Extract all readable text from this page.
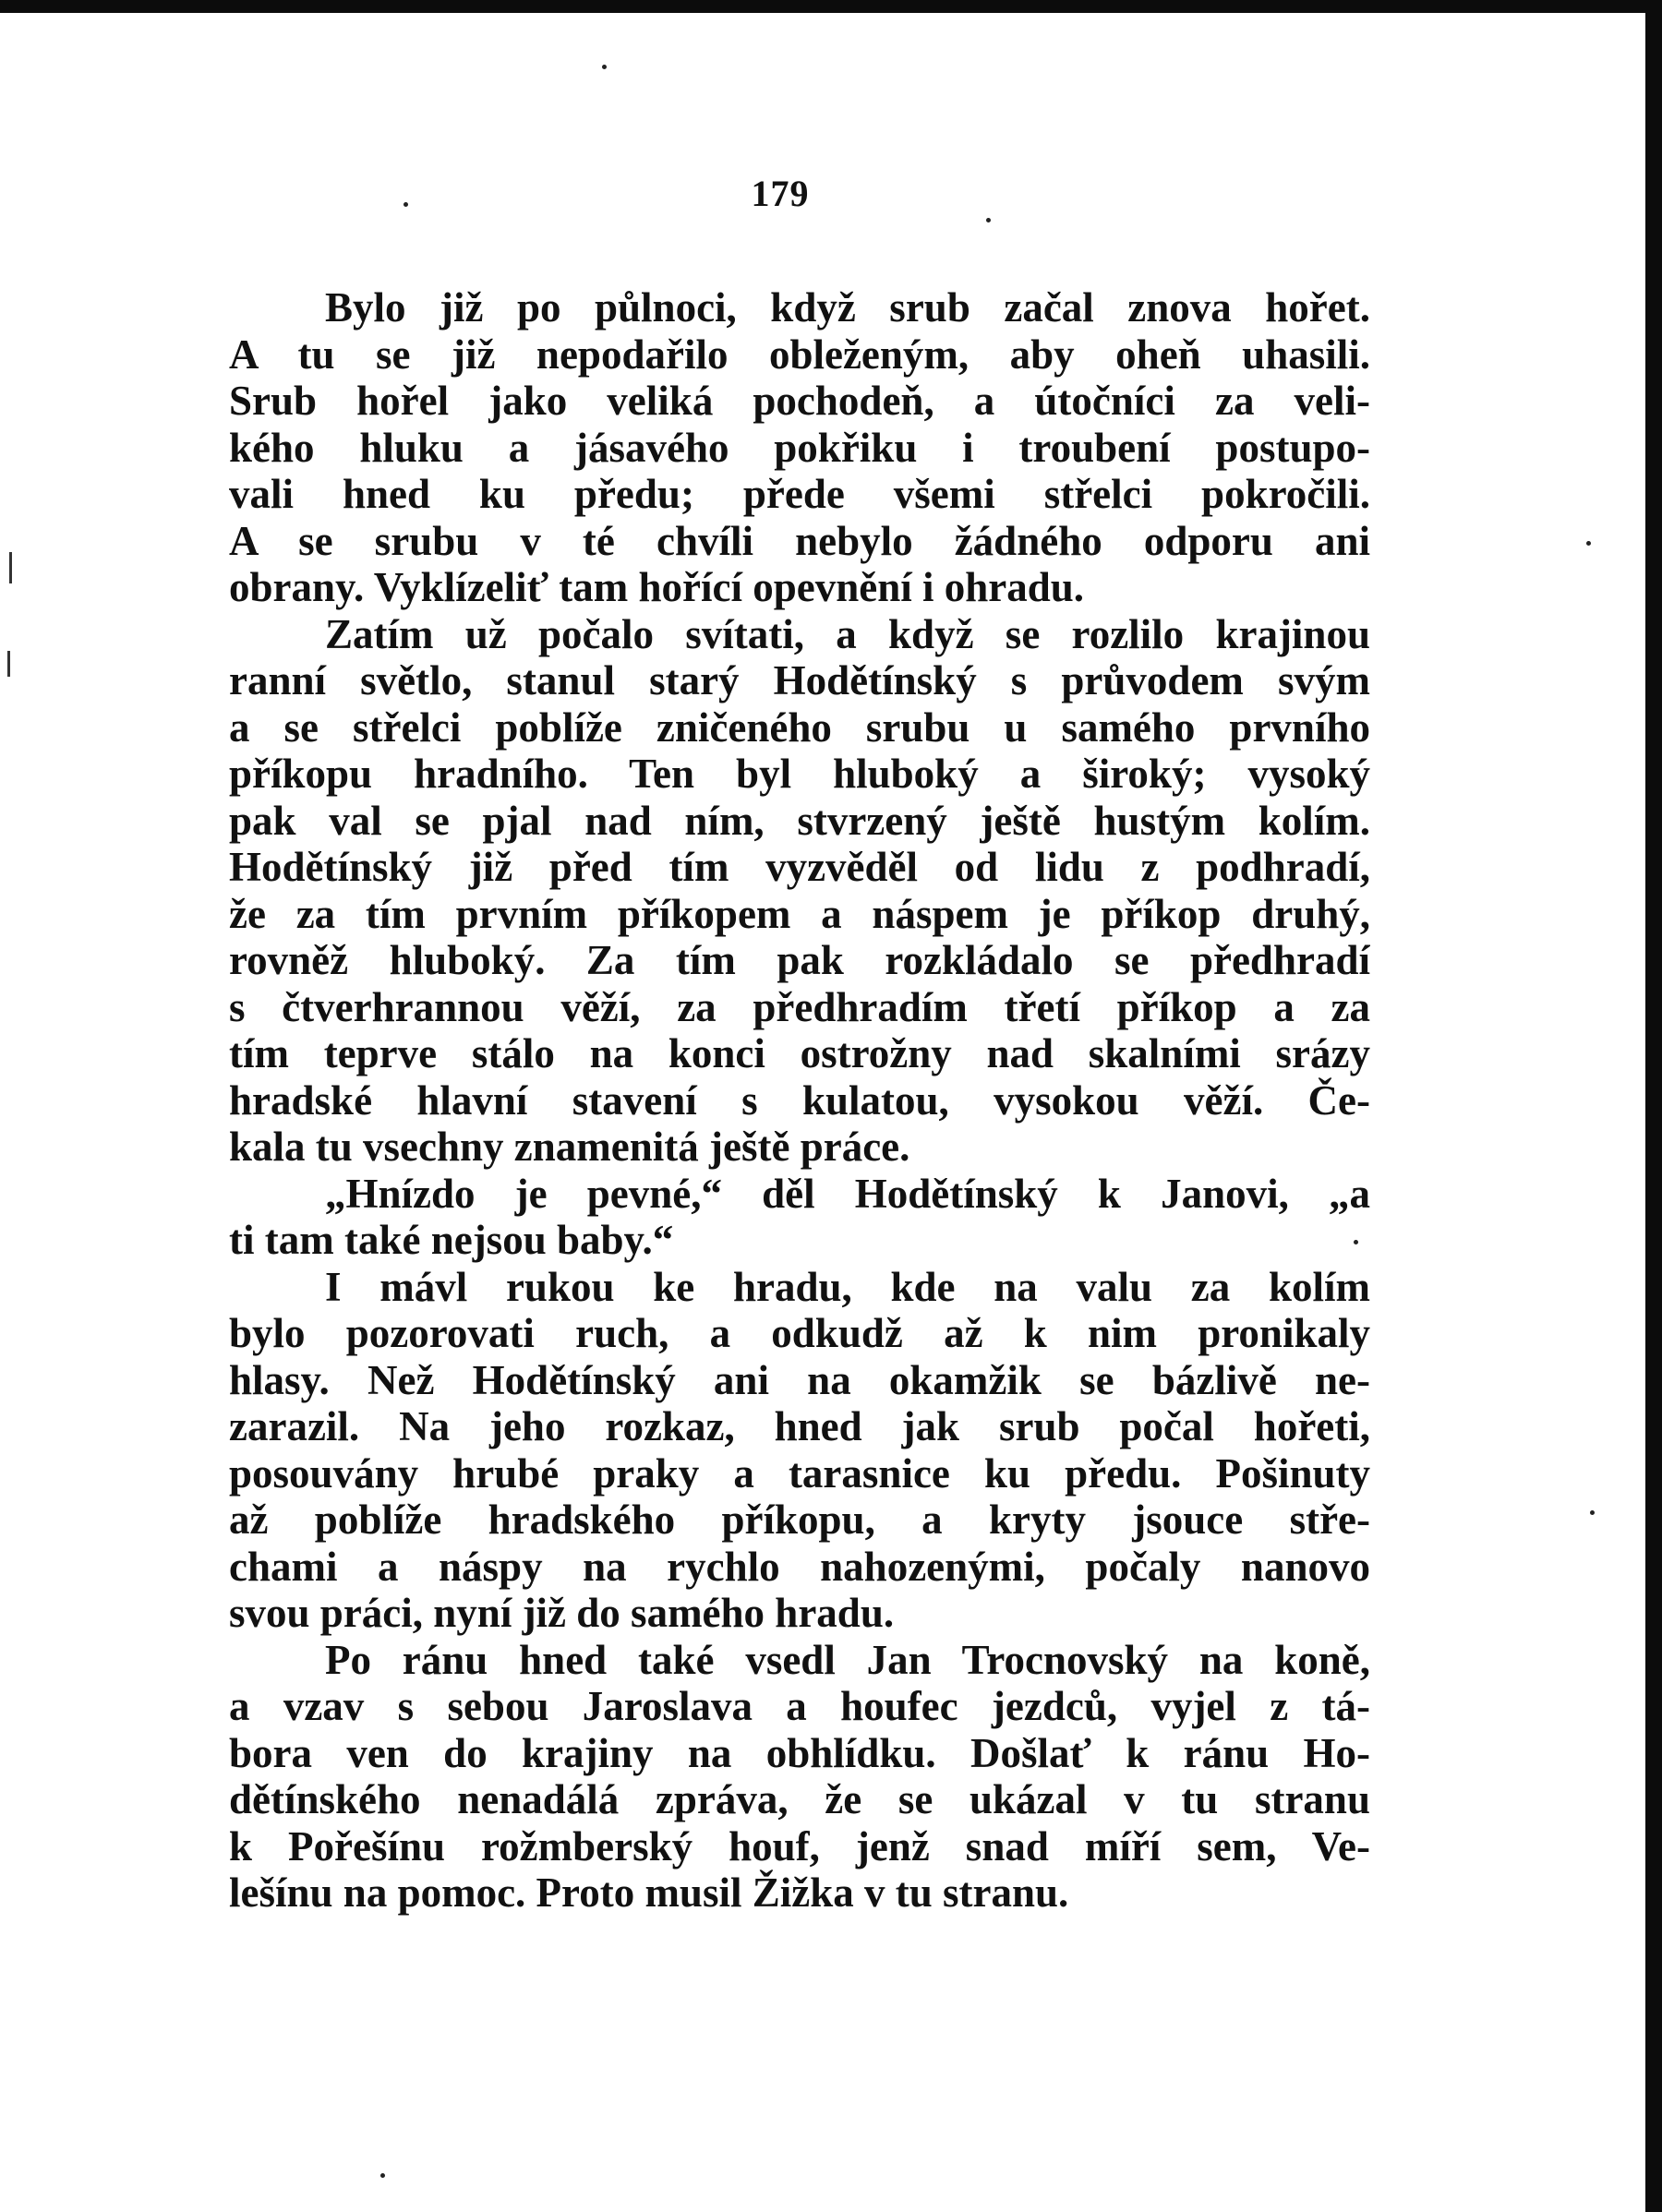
179
Bylo již po půlnoci, když srub začal znova hořet.
A tu se již nepodařilo obleženým, aby oheň uhasili.
Srub hořel jako veliká pochodeň, a útočníci za veli-
kého hluku a jásavého pokřiku i troubení postupo-
vali hned ku předu; přede všemi střelci pokročili.
A se srubu v té chvíli nebylo žádného odporu ani
obrany. Vyklízeliť tam hořící opevnění i ohradu.
Zatím už počalo svítati, a když se rozlilo krajinou
ranní světlo, stanul starý Hodětínský s průvodem svým
a se střelci poblíže zničeného srubu u samého prvního
příkopu hradního. Ten byl hluboký a široký; vysoký
pak val se pjal nad ním, stvrzený ještě hustým kolím.
Hodětínský již před tím vyzvěděl od lidu z podhradí,
že za tím prvním příkopem a náspem je příkop druhý,
rovněž hluboký. Za tím pak rozkládalo se předhradí
s čtverhrannou věží, za předhradím třetí příkop a za
tím teprve stálo na konci ostrožny nad skalními srázy
hradské hlavní stavení s kulatou, vysokou věží. Če-
kala tu vsechny znamenitá ještě práce.
„Hnízdo je pevné,“ děl Hodětínský k Janovi, „a
ti tam také nejsou baby.“
I mávl rukou ke hradu, kde na valu za kolím
bylo pozorovati ruch, a odkudž až k nim pronikaly
hlasy. Než Hodětínský ani na okamžik se bázlivě ne-
zarazil. Na jeho rozkaz, hned jak srub počal hořeti,
posouvány hrubé praky a tarasnice ku předu. Pošinuty
až poblíže hradského příkopu, a kryty jsouce stře-
chami a náspy na rychlo nahozenými, počaly nanovo
svou práci, nyní již do samého hradu.
Po ránu hned také vsedl Jan Trocnovský na koně,
a vzav s sebou Jaroslava a houfec jezdců, vyjel z tá-
bora ven do krajiny na obhlídku. Došlať k ránu Ho-
dětínského nenadálá zpráva, že se ukázal v tu stranu
k Pořešínu rožmberský houf, jenž snad míří sem, Ve-
lešínu na pomoc. Proto musil Žižka v tu stranu.
